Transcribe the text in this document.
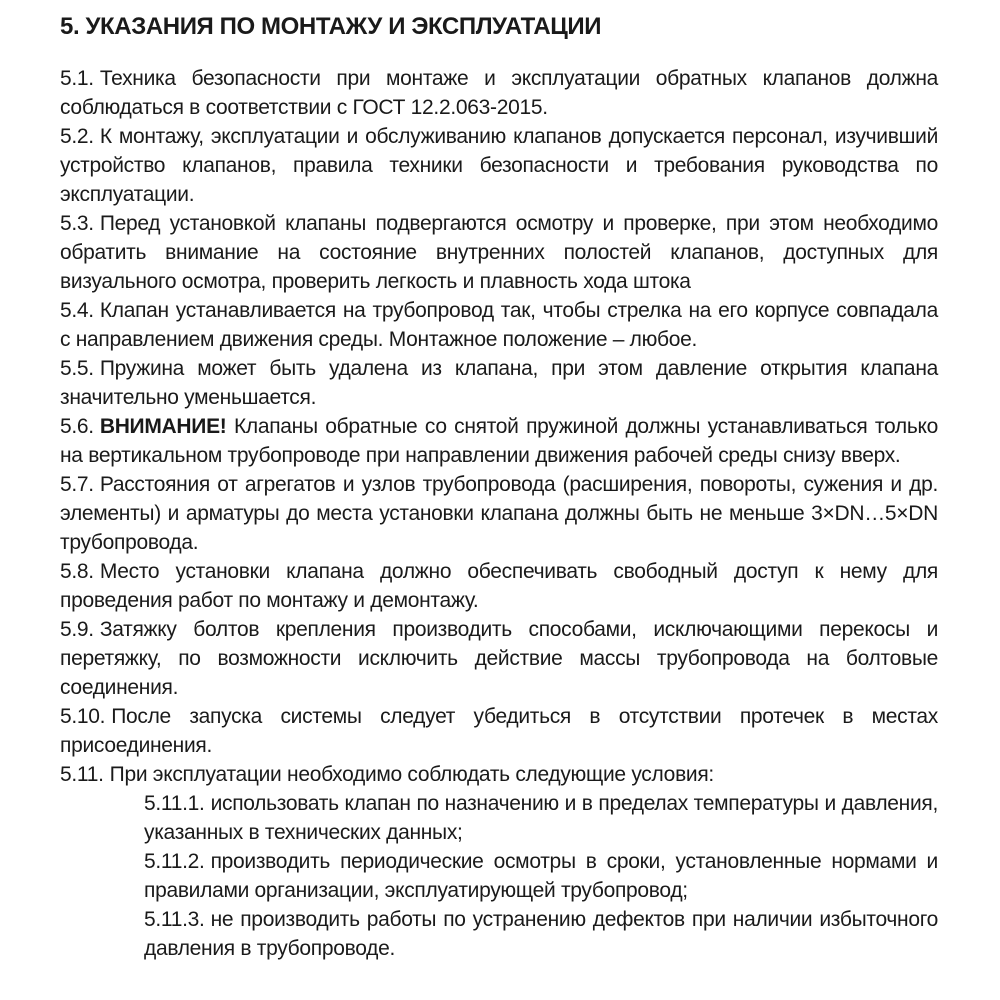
5. УКАЗАНИЯ ПО МОНТАЖУ И ЭКСПЛУАТАЦИИ

5.1. Техника безопасности при монтаже и эксплуатации обратных клапанов должна соблюдаться в соответствии с ГОСТ 12.2.063-2015.

5.2. К монтажу, эксплуатации и обслуживанию клапанов допускается персонал, изучивший устройство клапанов, правила техники безопасности и требования руководства по эксплуатации.

5.3. Перед установкой клапаны подвергаются осмотру и проверке, при этом необходимо обратить внимание на состояние внутренних полостей клапанов, доступных для визуального осмотра, проверить легкость и плавность хода штока

5.4. Клапан устанавливается на трубопровод так, чтобы стрелка на его корпусе совпадала с направлением движения среды. Монтажное положение – любое.

5.5. Пружина может быть удалена из клапана, при этом давление открытия клапана значительно уменьшается.

5.6. ВНИМАНИЕ! Клапаны обратные со снятой пружиной должны устанавливаться только на вертикальном трубопроводе при направлении движения рабочей среды снизу вверх.

5.7. Расстояния от агрегатов и узлов трубопровода (расширения, повороты, сужения и др. элементы) и арматуры до места установки клапана должны быть не меньше 3×DN…5×DN трубопровода.

5.8. Место установки клапана должно обеспечивать свободный доступ к нему для проведения работ по монтажу и демонтажу.

5.9. Затяжку болтов крепления производить способами, исключающими перекосы и перетяжку, по возможности исключить действие массы трубопровода на болтовые соединения.

5.10. После запуска системы следует убедиться в отсутствии протечек в местах присоединения.

5.11. При эксплуатации необходимо соблюдать следующие условия:

5.11.1. использовать клапан по назначению и в пределах температуры и давления, указанных в технических данных;

5.11.2. производить периодические осмотры в сроки, установленные нормами и правилами организации, эксплуатирующей трубопровод;

5.11.3. не производить работы по устранению дефектов при наличии избыточного давления в трубопроводе.
